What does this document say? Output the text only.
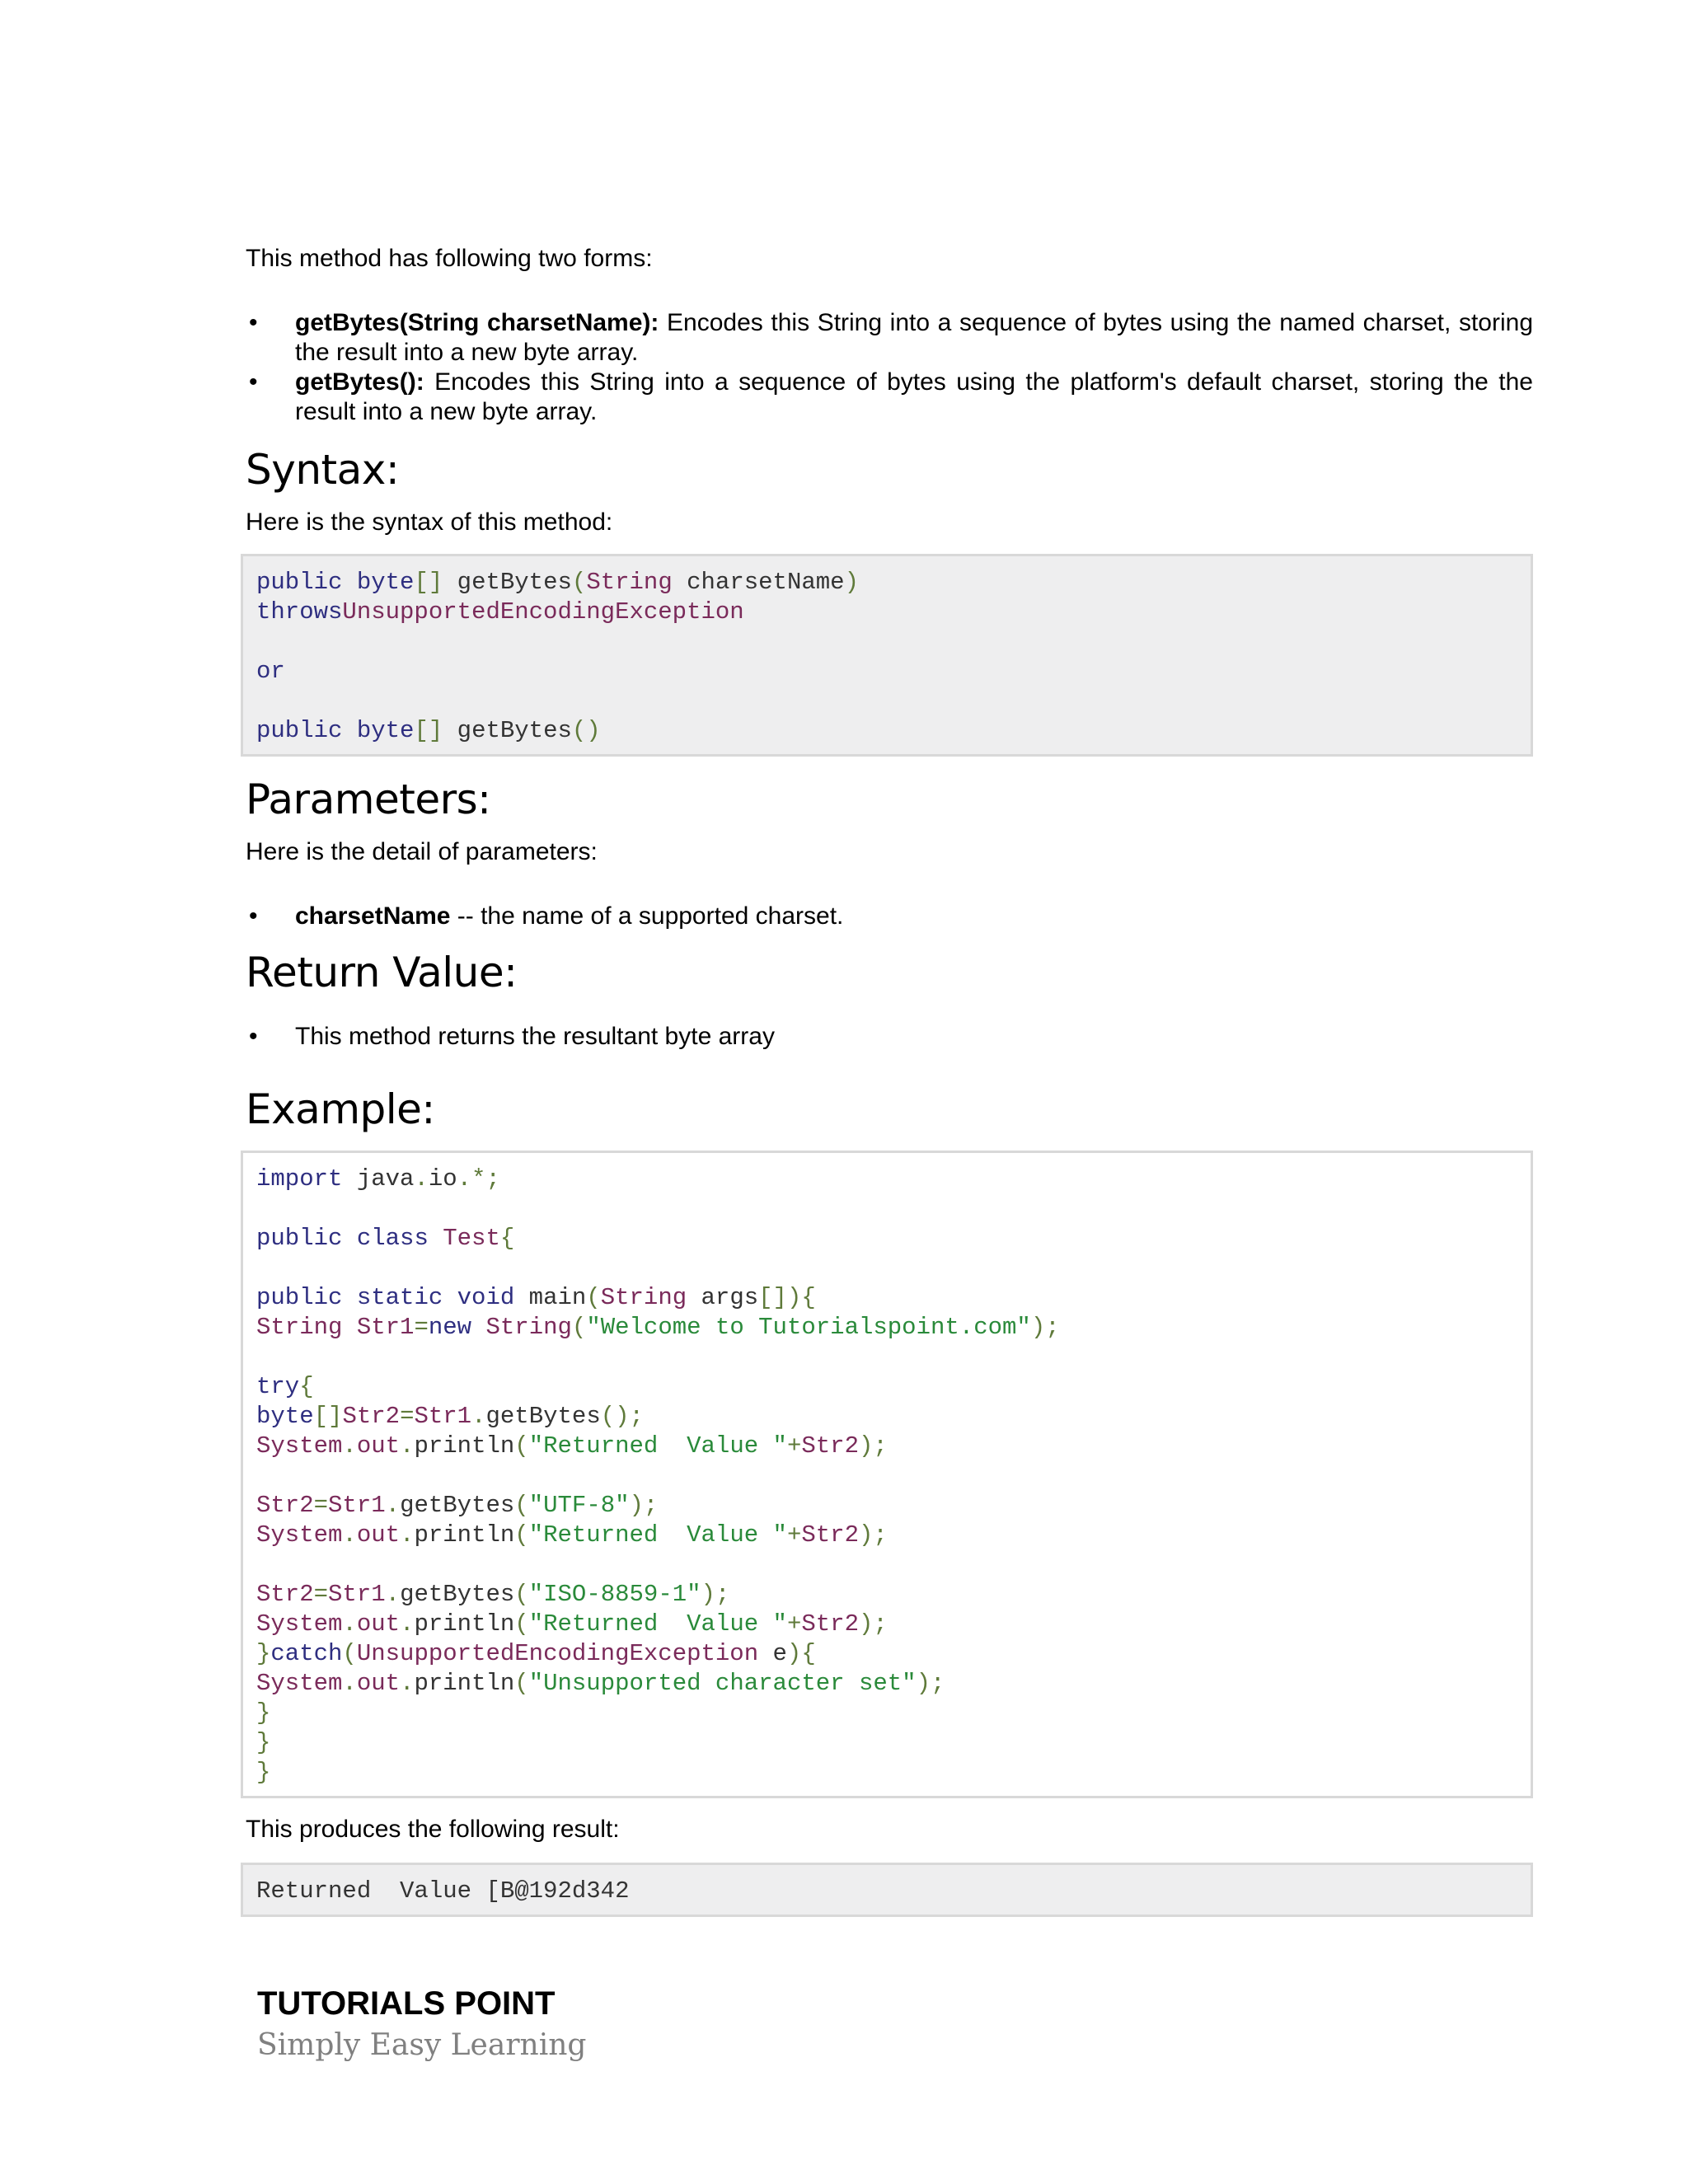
This method has following two forms:

• getBytes(String charsetName): Encodes this String into a sequence of bytes using the named charset, storing the result into a new byte array.
• getBytes(): Encodes this String into a sequence of bytes using the platform's default charset, storing the the result into a new byte array.
Syntax:

Here is the syntax of this method:

public byte[] getBytes(String charsetName)
throwsUnsupportedEncodingException

or

public byte[] getBytes()
Parameters:

Here is the detail of parameters:

• charsetName -- the name of a supported charset.
Return Value:
• This method returns the resultant byte array
Example:
import java.io.*;

public class Test{

public static void main(String args[]){
String Str1=new String("Welcome to Tutorialspoint.com");

try{
byte[]Str2=Str1.getBytes();
System.out.println("Returned  Value "+Str2);

Str2=Str1.getBytes("UTF-8");
System.out.println("Returned  Value "+Str2);

Str2=Str1.getBytes("ISO-8859-1");
System.out.println("Returned  Value "+Str2);
}catch(UnsupportedEncodingException e){
System.out.println("Unsupported character set");
}
}
}

This produces the following result:

Returned  Value [B@192d342
TUTORIALS POINT
Simply Easy Learning
